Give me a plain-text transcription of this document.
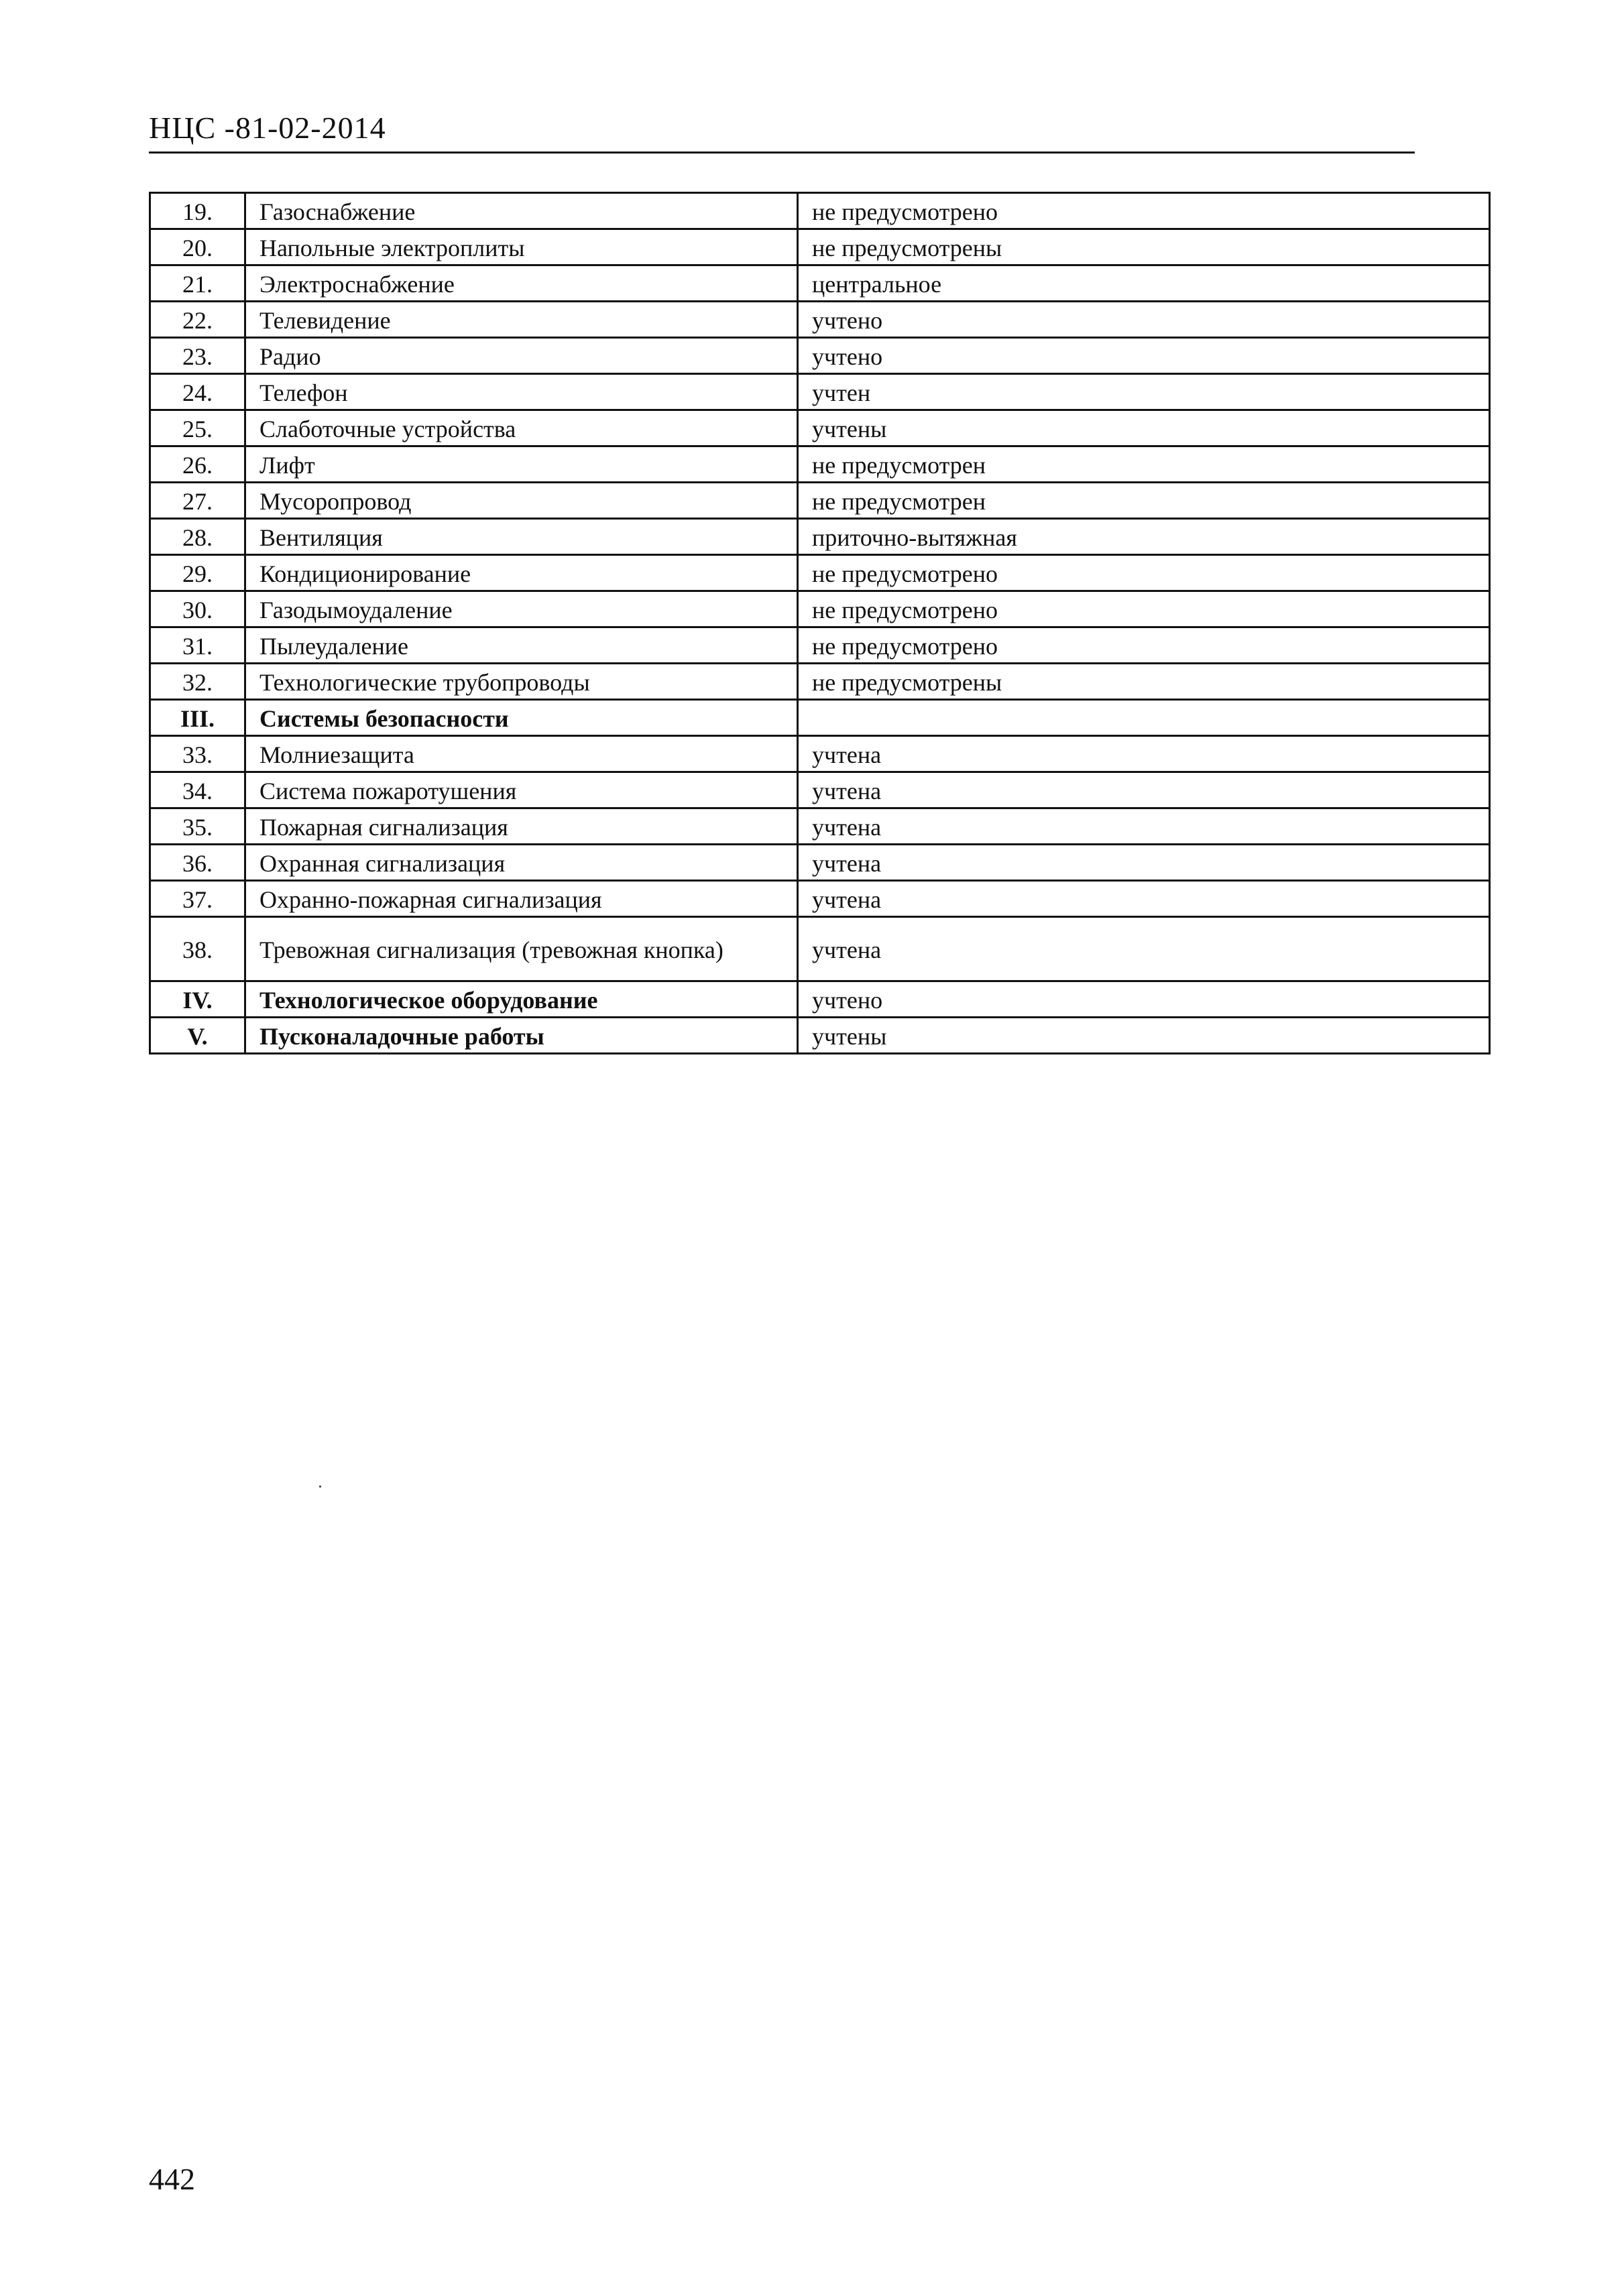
НЦС -81-02-2014
19.	Газоснабжение	не предусмотрено
20.	Напольные электроплиты	не предусмотрены
21.	Электроснабжение	центральное
22.	Телевидение	учтено
23.	Радио	учтено
24.	Телефон	учтен
25.	Слаботочные устройства	учтены
26.	Лифт	не предусмотрен
27.	Мусоропровод	не предусмотрен
28.	Вентиляция	приточно-вытяжная
29.	Кондиционирование	не предусмотрено
30.	Газодымоудаление	не предусмотрено
31.	Пылеудаление	не предусмотрено
32.	Технологические трубопроводы	не предусмотрены
III.	Системы безопасности	
33.	Молниезащита	учтена
34.	Система пожаротушения	учтена
35.	Пожарная сигнализация	учтена
36.	Охранная сигнализация	учтена
37.	Охранно-пожарная сигнализация	учтена
38.	Тревожная сигнализация (тревожная кнопка)	учтена
IV.	Технологическое оборудование	учтено
V.	Пусконаладочные работы	учтены
442
